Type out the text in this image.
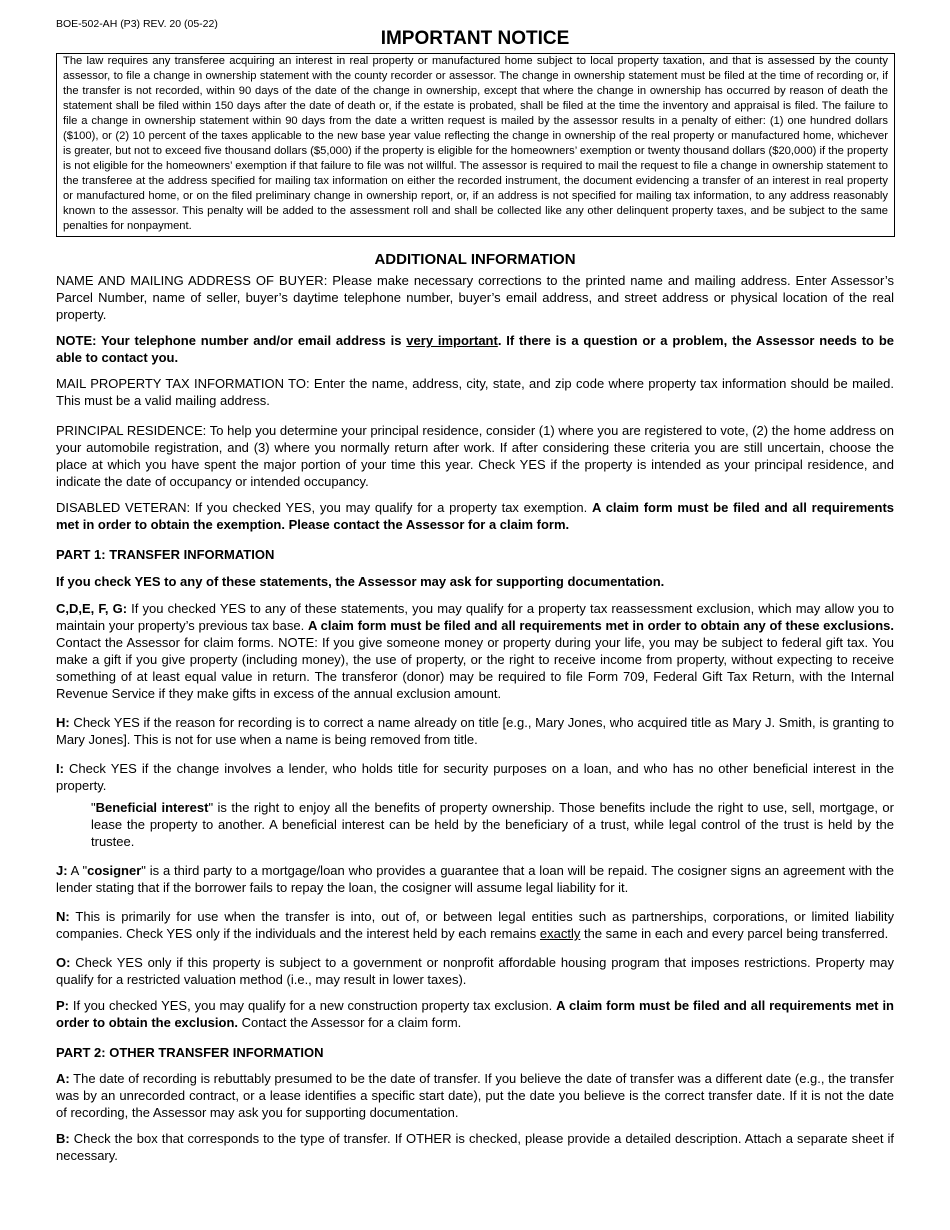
BOE-502-AH (P3) REV. 20 (05-22)
IMPORTANT NOTICE
The law requires any transferee acquiring an interest in real property or manufactured home subject to local property taxation, and that is assessed by the county assessor, to file a change in ownership statement with the county recorder or assessor. The change in ownership statement must be filed at the time of recording or, if the transfer is not recorded, within 90 days of the date of the change in ownership, except that where the change in ownership has occurred by reason of death the statement shall be filed within 150 days after the date of death or, if the estate is probated, shall be filed at the time the inventory and appraisal is filed. The failure to file a change in ownership statement within 90 days from the date a written request is mailed by the assessor results in a penalty of either: (1) one hundred dollars ($100), or (2) 10 percent of the taxes applicable to the new base year value reflecting the change in ownership of the real property or manufactured home, whichever is greater, but not to exceed five thousand dollars ($5,000) if the property is eligible for the homeowners’ exemption or twenty thousand dollars ($20,000) if the property is not eligible for the homeowners’ exemption if that failure to file was not willful. The assessor is required to mail the request to file a change in ownership statement to the transferee at the address specified for mailing tax information on either the recorded instrument, the document evidencing a transfer of an interest in real property or manufactured home, or on the filed preliminary change in ownership report, or, if an address is not specified for mailing tax information, to any address reasonably known to the assessor. This penalty will be added to the assessment roll and shall be collected like any other delinquent property taxes, and be subject to the same penalties for nonpayment.
ADDITIONAL INFORMATION

NAME AND MAILING ADDRESS OF BUYER: Please make necessary corrections to the printed name and mailing address. Enter Assessor’s Parcel Number, name of seller, buyer’s daytime telephone number, buyer’s email address, and street address or physical location of the real property.

NOTE: Your telephone number and/or email address is very important. If there is a question or a problem, the Assessor needs to be able to contact you.

MAIL PROPERTY TAX INFORMATION TO: Enter the name, address, city, state, and zip code where property tax information should be mailed. This must be a valid mailing address.

PRINCIPAL RESIDENCE: To help you determine your principal residence, consider (1) where you are registered to vote, (2) the home address on your automobile registration, and (3) where you normally return after work. If after considering these criteria you are still uncertain, choose the place at which you have spent the major portion of your time this year. Check YES if the property is intended as your principal residence, and indicate the date of occupancy or intended occupancy.

DISABLED VETERAN: If you checked YES, you may qualify for a property tax exemption. A claim form must be filed and all requirements met in order to obtain the exemption. Please contact the Assessor for a claim form.

PART 1: TRANSFER INFORMATION

If you check YES to any of these statements, the Assessor may ask for supporting documentation.

C,D,E, F, G: If you checked YES to any of these statements, you may qualify for a property tax reassessment exclusion, which may allow you to maintain your property’s previous tax base. A claim form must be filed and all requirements met in order to obtain any of these exclusions. Contact the Assessor for claim forms. NOTE: If you give someone money or property during your life, you may be subject to federal gift tax. You make a gift if you give property (including money), the use of property, or the right to receive income from property, without expecting to receive something of at least equal value in return. The transferor (donor) may be required to file Form 709, Federal Gift Tax Return, with the Internal Revenue Service if they make gifts in excess of the annual exclusion amount.

H: Check YES if the reason for recording is to correct a name already on title [e.g., Mary Jones, who acquired title as Mary J. Smith, is granting to Mary Jones]. This is not for use when a name is being removed from title.

I: Check YES if the change involves a lender, who holds title for security purposes on a loan, and who has no other beneficial interest in the property.

"Beneficial interest" is the right to enjoy all the benefits of property ownership. Those benefits include the right to use, sell, mortgage, or lease the property to another. A beneficial interest can be held by the beneficiary of a trust, while legal control of the trust is held by the trustee.

J: A "cosigner" is a third party to a mortgage/loan who provides a guarantee that a loan will be repaid. The cosigner signs an agreement with the lender stating that if the borrower fails to repay the loan, the cosigner will assume legal liability for it.

N: This is primarily for use when the transfer is into, out of, or between legal entities such as partnerships, corporations, or limited liability companies. Check YES only if the individuals and the interest held by each remains exactly the same in each and every parcel being transferred.

O: Check YES only if this property is subject to a government or nonprofit affordable housing program that imposes restrictions. Property may qualify for a restricted valuation method (i.e., may result in lower taxes).

P: If you checked YES, you may qualify for a new construction property tax exclusion. A claim form must be filed and all requirements met in order to obtain the exclusion. Contact the Assessor for a claim form.

PART 2: OTHER TRANSFER INFORMATION

A: The date of recording is rebuttably presumed to be the date of transfer. If you believe the date of transfer was a different date (e.g., the transfer was by an unrecorded contract, or a lease identifies a specific start date), put the date you believe is the correct transfer date. If it is not the date of recording, the Assessor may ask you for supporting documentation.

B: Check the box that corresponds to the type of transfer. If OTHER is checked, please provide a detailed description. Attach a separate sheet if necessary.
